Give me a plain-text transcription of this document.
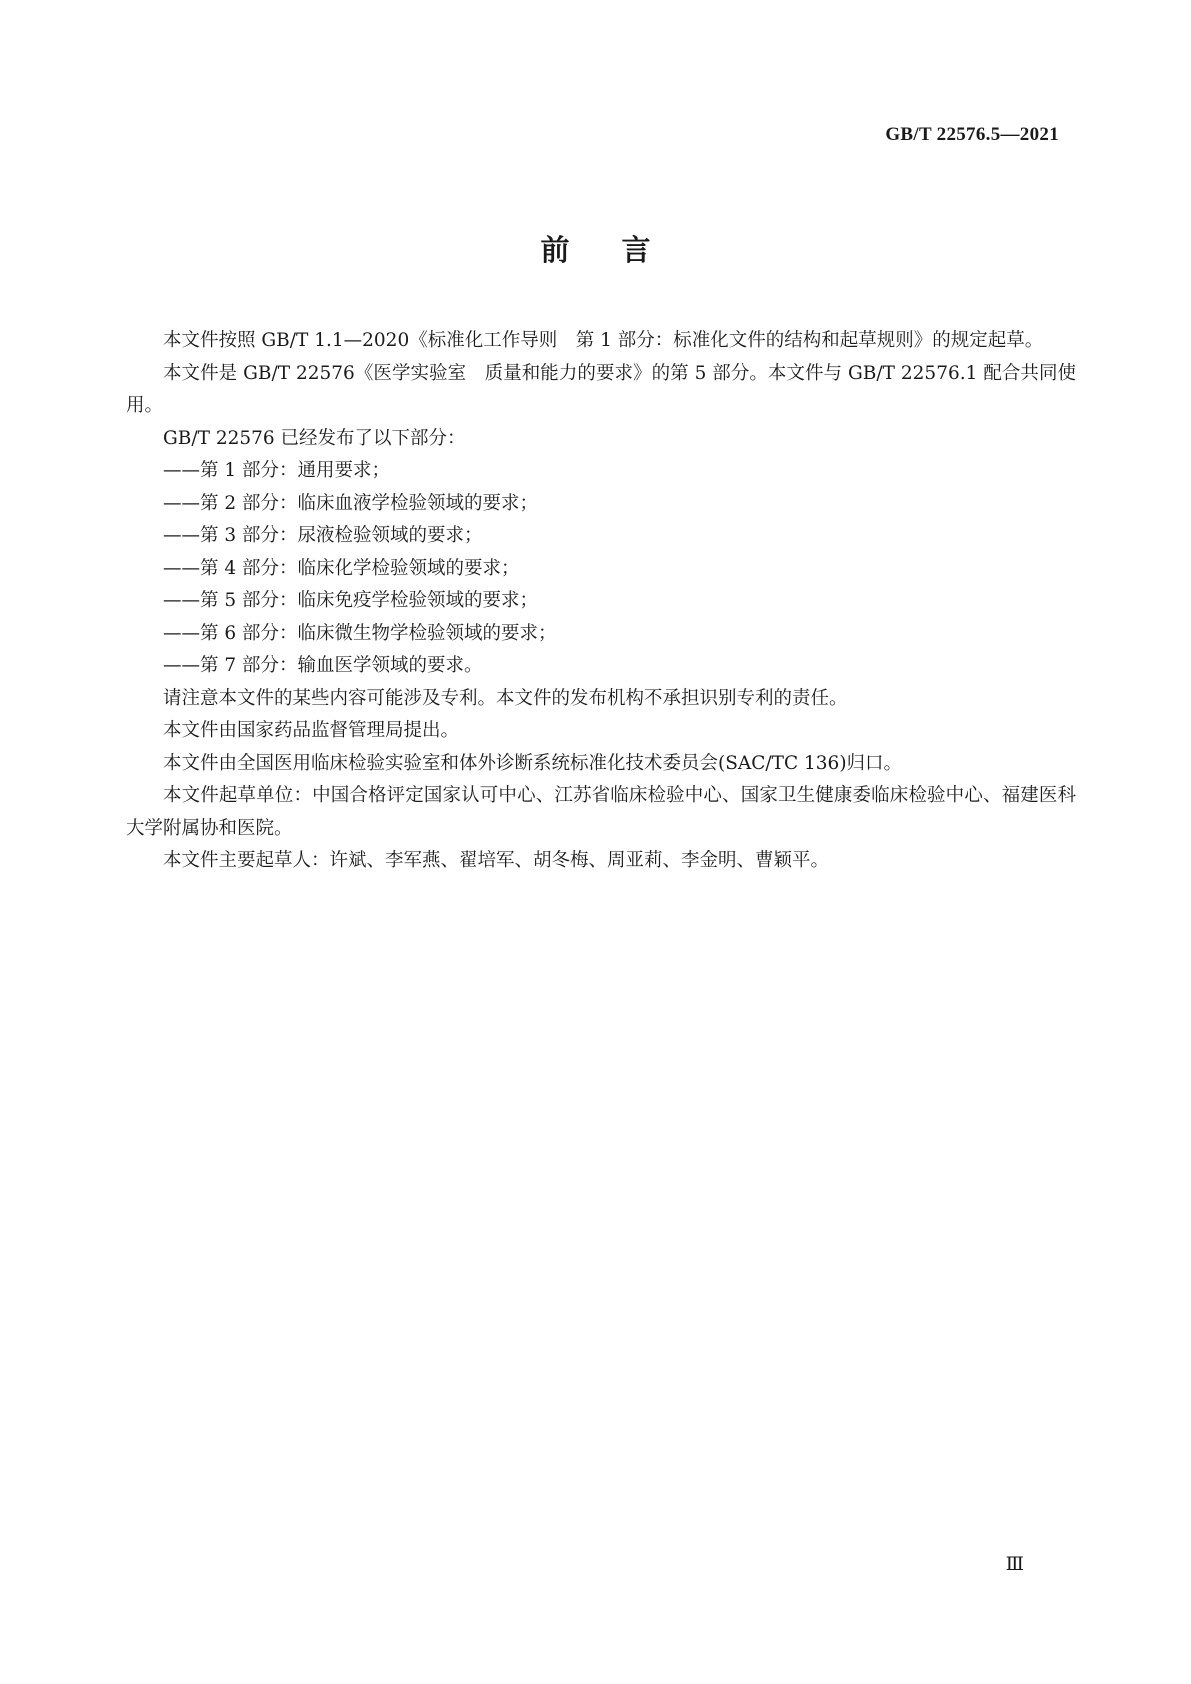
GB/T 22576.5—2021
前言

本文件按照 GB/T 1.1—2020《标准化工作导则　第 1 部分：标准化文件的结构和起草规则》的规定起草。

本文件是 GB/T 22576《医学实验室　质量和能力的要求》的第 5 部分。本文件与 GB/T 22576.1 配合共同使用。

GB/T 22576 已经发布了以下部分：

——第 1 部分：通用要求；
——第 2 部分：临床血液学检验领域的要求；
——第 3 部分：尿液检验领域的要求；
——第 4 部分：临床化学检验领域的要求；
——第 5 部分：临床免疫学检验领域的要求；
——第 6 部分：临床微生物学检验领域的要求；
——第 7 部分：输血医学领域的要求。

请注意本文件的某些内容可能涉及专利。本文件的发布机构不承担识别专利的责任。

本文件由国家药品监督管理局提出。

本文件由全国医用临床检验实验室和体外诊断系统标准化技术委员会(SAC/TC 136)归口。

本文件起草单位：中国合格评定国家认可中心、江苏省临床检验中心、国家卫生健康委临床检验中心、福建医科大学附属协和医院。

本文件主要起草人：许斌、李军燕、翟培军、胡冬梅、周亚莉、李金明、曹颖平。

Ⅲ
